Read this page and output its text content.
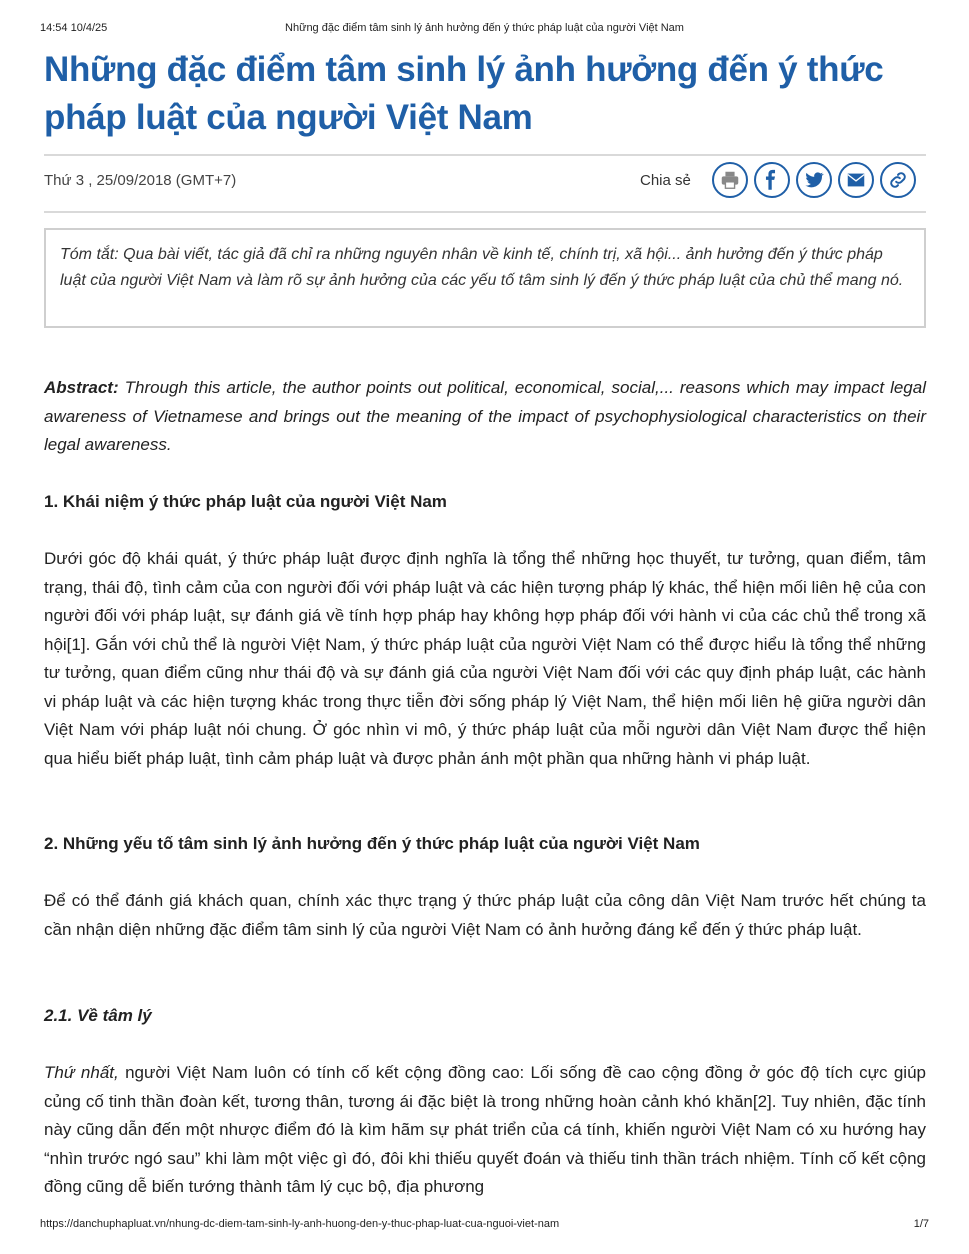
14:54 10/4/25	Những đặc điểm tâm sinh lý ảnh hưởng đến ý thức pháp luật của người Việt Nam
Những đặc điểm tâm sinh lý ảnh hưởng đến ý thức pháp luật của người Việt Nam
Thứ 3 , 25/09/2018 (GMT+7)	Chia sẻ
Tóm tắt: Qua bài viết, tác giả đã chỉ ra những nguyên nhân về kinh tế, chính trị, xã hội... ảnh hưởng đến ý thức pháp luật của người Việt Nam và làm rõ sự ảnh hưởng của các yếu tố tâm sinh lý đến ý thức pháp luật của chủ thể mang nó.

Abstract: Through this article, the author points out political, economical, social,... reasons which may impact legal awareness of Vietnamese and brings out the meaning of the impact of psychophysiological characteristics on their legal awareness.

1. Khái niệm ý thức pháp luật của người Việt Nam

Dưới góc độ khái quát, ý thức pháp luật được định nghĩa là tổng thể những học thuyết, tư tưởng, quan điểm, tâm trạng, thái độ, tình cảm của con người đối với pháp luật và các hiện tượng pháp lý khác, thể hiện mối liên hệ của con người đối với pháp luật, sự đánh giá về tính hợp pháp hay không hợp pháp đối với hành vi của các chủ thể trong xã hội[1]. Gắn với chủ thể là người Việt Nam, ý thức pháp luật của người Việt Nam có thể được hiểu là tổng thể những tư tưởng, quan điểm cũng như thái độ và sự đánh giá của người Việt Nam đối với các quy định pháp luật, các hành vi pháp luật và các hiện tượng khác trong thực tiễn đời sống pháp lý Việt Nam, thể hiện mối liên hệ giữa người dân Việt Nam với pháp luật nói chung. Ở góc nhìn vi mô, ý thức pháp luật của mỗi người dân Việt Nam được thể hiện qua hiểu biết pháp luật, tình cảm pháp luật và được phản ánh một phần qua những hành vi pháp luật.

2. Những yếu tố tâm sinh lý ảnh hưởng đến ý thức pháp luật của người Việt Nam

Để có thể đánh giá khách quan, chính xác thực trạng ý thức pháp luật của công dân Việt Nam trước hết chúng ta cần nhận diện những đặc điểm tâm sinh lý của người Việt Nam có ảnh hưởng đáng kể đến ý thức pháp luật.

2.1. Về tâm lý

Thứ nhất, người Việt Nam luôn có tính cố kết cộng đồng cao: Lối sống đề cao cộng đồng ở góc độ tích cực giúp củng cố tinh thần đoàn kết, tương thân, tương ái đặc biệt là trong những hoàn cảnh khó khăn[2]. Tuy nhiên, đặc tính này cũng dẫn đến một nhược điểm đó là kìm hãm sự phát triển của cá tính, khiến người Việt Nam có xu hướng hay “nhìn trước ngó sau” khi làm một việc gì đó, đôi khi thiếu quyết đoán và thiếu tinh thần trách nhiệm. Tính cố kết cộng đồng cũng dễ biến tướng thành tâm lý cục bộ, địa phương

https://danchuphapluat.vn/nhung-dc-diem-tam-sinh-ly-anh-huong-den-y-thuc-phap-luat-cua-nguoi-viet-nam	1/7
